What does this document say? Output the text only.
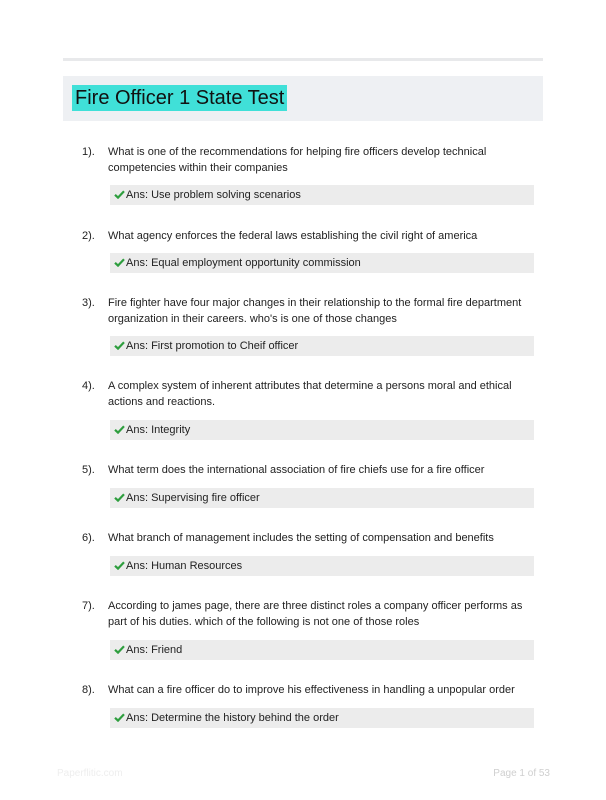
Fire Officer 1 State Test
1). What is one of the recommendations for helping fire officers develop technical competencies within their companies
Ans: Use problem solving scenarios
2). What agency enforces the federal laws establishing the civil right of america
Ans: Equal employment opportunity commission
3). Fire fighter have four major changes in their relationship to the formal fire department organization in their careers. who's is one of those changes
Ans: First promotion to Cheif officer
4). A complex system of inherent attributes that determine a persons moral and ethical actions and reactions.
Ans: Integrity
5). What term does the international association of fire chiefs use for a fire officer
Ans: Supervising fire officer
6). What branch of management includes the setting of compensation and benefits
Ans: Human Resources
7). According to james page, there are three distinct roles a company officer performs as part of his duties. which of the following is not one of those roles
Ans: Friend
8). What can a fire officer do to improve his effectiveness in handling a unpopular order
Ans: Determine the history behind the order
Paperflitic.com	Page 1 of 53
